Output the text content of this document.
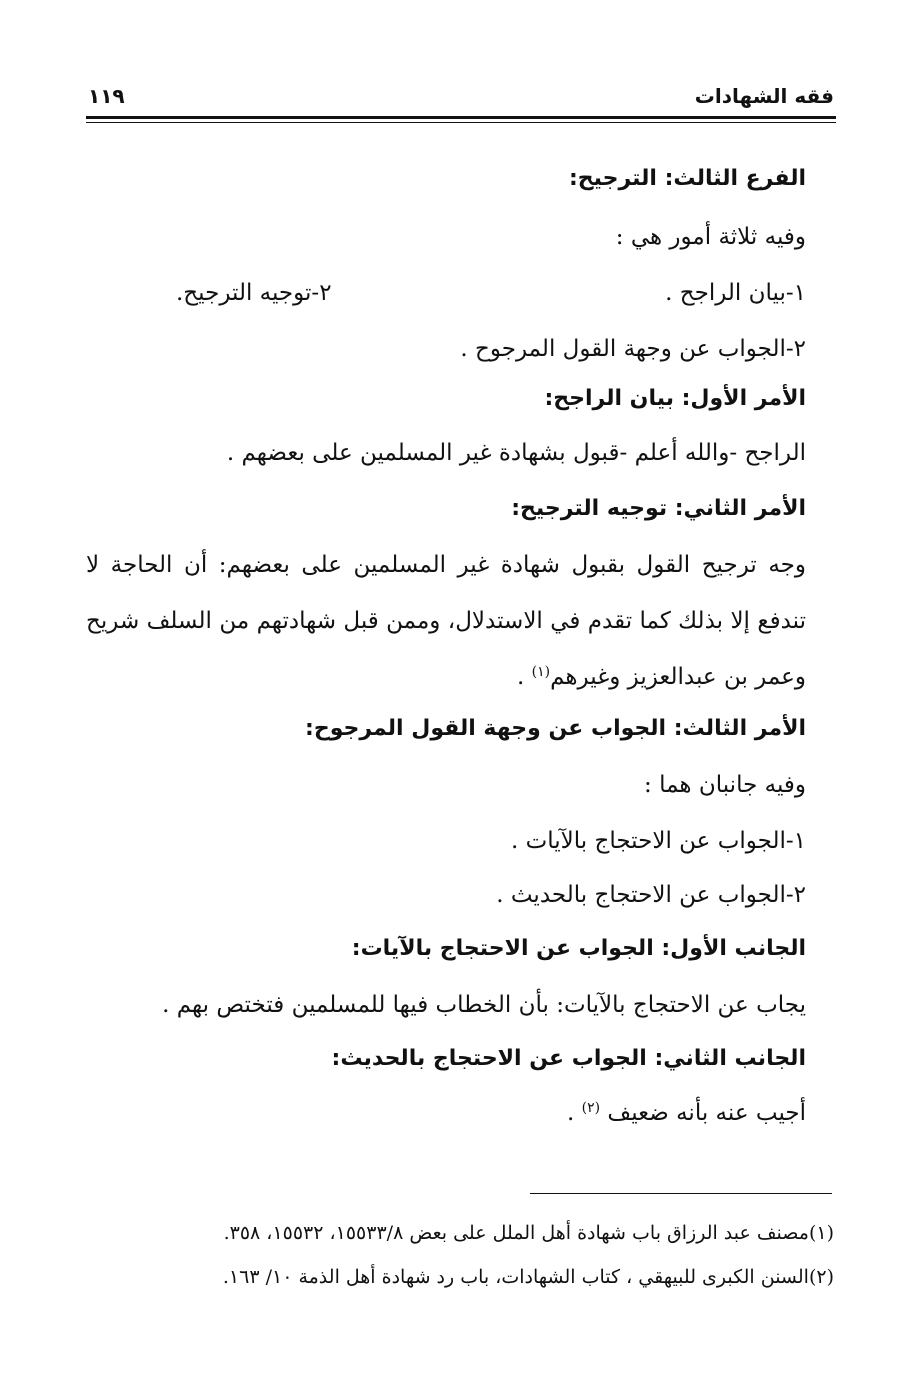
فقه الشهادات
١١٩
الفرع الثالث: الترجيح:
وفيه ثلاثة أمور هي :
١-بيان الراجح .
٢-توجيه الترجيح.
٢-الجواب عن وجهة القول المرجوح .
الأمر الأول: بيان الراجح:
الراجح -والله أعلم -قبول بشهادة غير المسلمين على بعضهم .
الأمر الثاني: توجيه الترجيح:
وجه ترجيح القول بقبول شهادة غير المسلمين على بعضهم: أن الحاجة لا
تندفع إلا بذلك كما تقدم في الاستدلال، وممن قبل شهادتهم من السلف شريح
وعمر بن عبدالعزيز وغيرهم$^{(١)}$ .
الأمر الثالث: الجواب عن وجهة القول المرجوح:
وفيه جانبان هما :
١-الجواب عن الاحتجاج بالآيات .
٢-الجواب عن الاحتجاج بالحديث .
الجانب الأول: الجواب عن الاحتجاج بالآيات:
يجاب عن الاحتجاج بالآيات: بأن الخطاب فيها للمسلمين فتختص بهم .
الجانب الثاني: الجواب عن الاحتجاج بالحديث:
أجيب عنه بأنه ضعيف $^{(٢)}$ .
(١)مصنف عبد الرزاق باب شهادة أهل الملل على بعض ١٥٥٣٣/٨، ١٥٥٣٢، ٣٥٨.
(٢)السنن الكبرى للبيهقي ، كتاب الشهادات، باب رد شهادة أهل الذمة ١٠/ ١٦٣.
